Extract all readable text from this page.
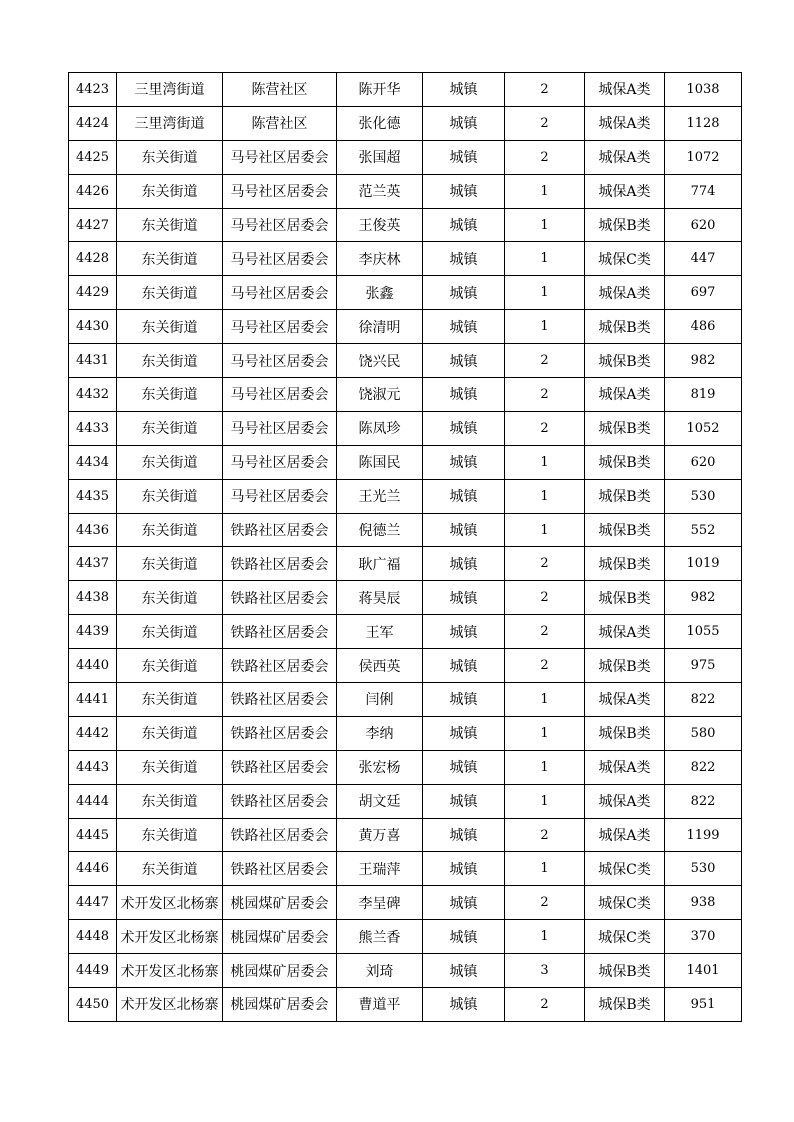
4423	三里湾街道	陈营社区	陈开华	城镇	2	城保A类	1038
4424	三里湾街道	陈营社区	张化德	城镇	2	城保A类	1128
4425	东关街道	马号社区居委会	张国超	城镇	2	城保A类	1072
4426	东关街道	马号社区居委会	范兰英	城镇	1	城保A类	774
4427	东关街道	马号社区居委会	王俊英	城镇	1	城保B类	620
4428	东关街道	马号社区居委会	李庆林	城镇	1	城保C类	447
4429	东关街道	马号社区居委会	张鑫	城镇	1	城保A类	697
4430	东关街道	马号社区居委会	徐清明	城镇	1	城保B类	486
4431	东关街道	马号社区居委会	饶兴民	城镇	2	城保B类	982
4432	东关街道	马号社区居委会	饶淑元	城镇	2	城保A类	819
4433	东关街道	马号社区居委会	陈凤珍	城镇	2	城保B类	1052
4434	东关街道	马号社区居委会	陈国民	城镇	1	城保B类	620
4435	东关街道	马号社区居委会	王光兰	城镇	1	城保B类	530
4436	东关街道	铁路社区居委会	倪德兰	城镇	1	城保B类	552
4437	东关街道	铁路社区居委会	耿广福	城镇	2	城保B类	1019
4438	东关街道	铁路社区居委会	蒋昊辰	城镇	2	城保B类	982
4439	东关街道	铁路社区居委会	王军	城镇	2	城保A类	1055
4440	东关街道	铁路社区居委会	侯西英	城镇	2	城保B类	975
4441	东关街道	铁路社区居委会	闫俐	城镇	1	城保A类	822
4442	东关街道	铁路社区居委会	李纳	城镇	1	城保B类	580
4443	东关街道	铁路社区居委会	张宏杨	城镇	1	城保A类	822
4444	东关街道	铁路社区居委会	胡文廷	城镇	1	城保A类	822
4445	东关街道	铁路社区居委会	黄万喜	城镇	2	城保A类	1199
4446	东关街道	铁路社区居委会	王瑞萍	城镇	1	城保C类	530
4447	术开发区北杨寨	桃园煤矿居委会	李呈碑	城镇	2	城保C类	938
4448	术开发区北杨寨	桃园煤矿居委会	熊兰香	城镇	1	城保C类	370
4449	术开发区北杨寨	桃园煤矿居委会	刘琦	城镇	3	城保B类	1401
4450	术开发区北杨寨	桃园煤矿居委会	曹道平	城镇	2	城保B类	951
